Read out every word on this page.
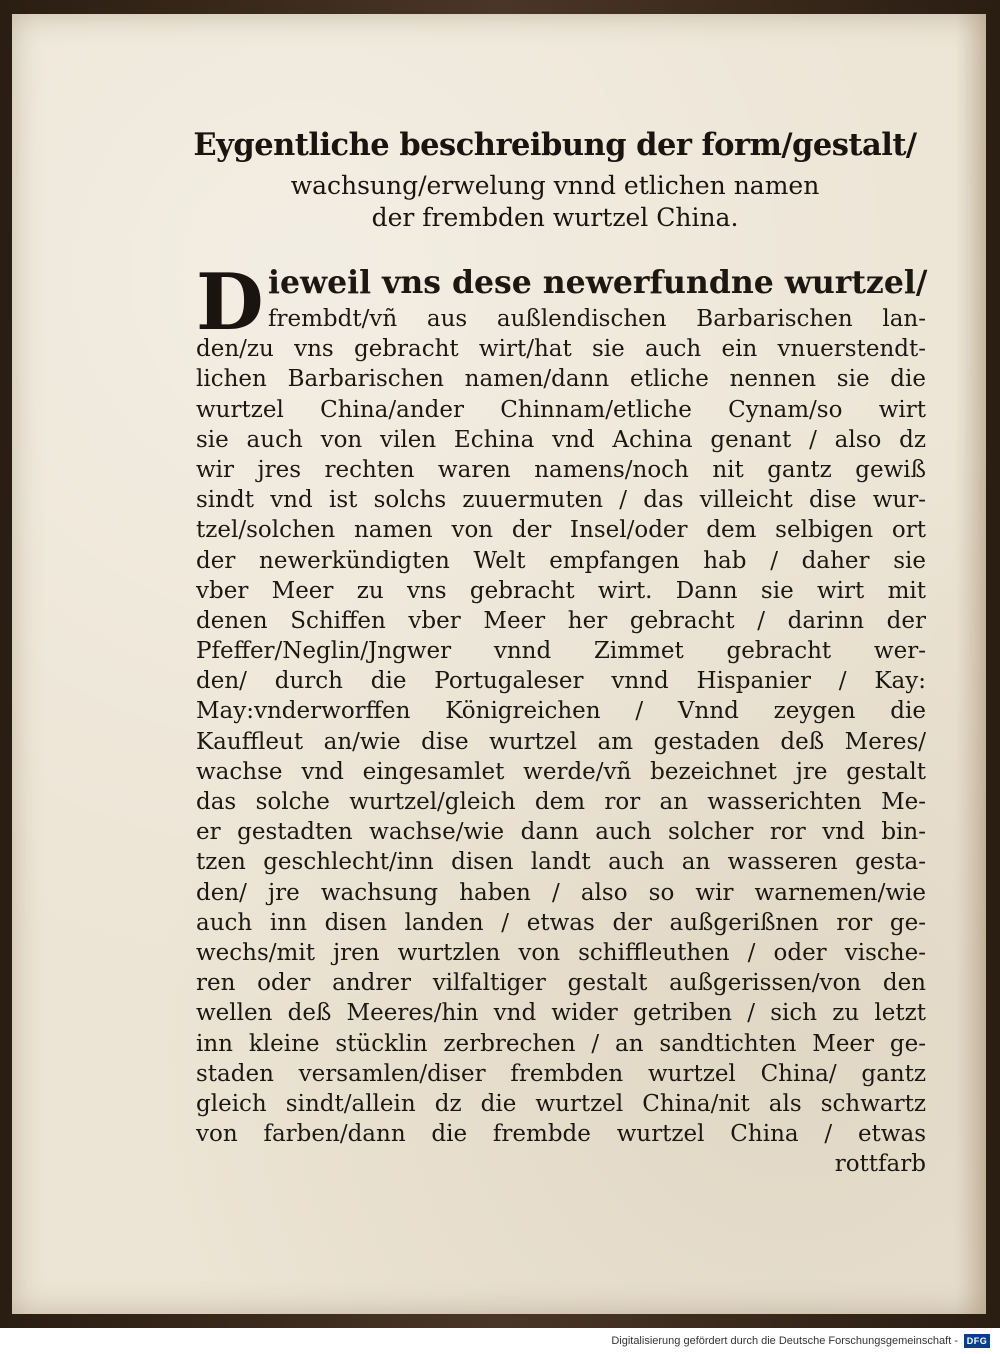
Eygentliche beschreibung der form/gestalt/
wachsung/erwelung vnnd etlichen namen
der frembden wurtzel China.
D ieweil vns dese newerfundne wurtzel/
frembdt/vñ aus außlendischen Barbarischen lan-
den/zu vns gebracht wirt/hat sie auch ein vnuerstendt-
lichen Barbarischen namen/dann etliche nennen sie die
wurtzel China/ander Chinnam/etliche Cynam/so wirt
sie auch von vilen Echina vnd Achina genant / also dz
wir jres rechten waren namens/noch nit gantz gewiß
sindt vnd ist solchs zuuermuten / das villeicht dise wur-
tzel/solchen namen von der Insel/oder dem selbigen ort
der newerkündigten Welt empfangen hab / daher sie
vber Meer zu vns gebracht wirt. Dann sie wirt mit
denen Schiffen vber Meer her gebracht / darinn der
Pfeffer/Neglin/Jngwer vnnd Zimmet gebracht wer-
den/ durch die Portugaleser vnnd Hispanier / Kay:
May:vnderworffen Königreichen / Vnnd zeygen die
Kauffleut an/wie dise wurtzel am gestaden deß Meres/
wachse vnd eingesamlet werde/vñ bezeichnet jre gestalt
das solche wurtzel/gleich dem ror an wasserichten Me-
er gestadten wachse/wie dann auch solcher ror vnd bin-
tzen geschlecht/inn disen landt auch an wasseren gesta-
den/ jre wachsung haben / also so wir warnemen/wie
auch inn disen landen / etwas der außgerißnen ror ge-
wechs/mit jren wurtzlen von schiffleuthen / oder vische-
ren oder andrer vilfaltiger gestalt außgerissen/von den
wellen deß Meeres/hin vnd wider getriben / sich zu letzt
inn kleine stücklin zerbrechen / an sandtichten Meer ge-
staden versamlen/diser frembden wurtzel China/ gantz
gleich sindt/allein dz die wurtzel China/nit als schwartz
von farben/dann die frembde wurtzel China / etwas
rottfarb
Digitalisierung gefördert durch die Deutsche Forschungsgemeinschaft - DFG
